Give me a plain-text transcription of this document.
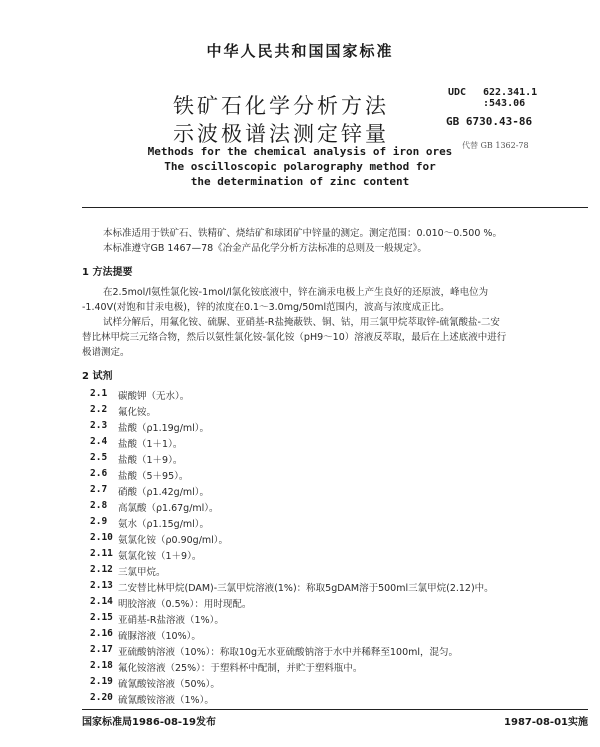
中华人民共和国国家标准
铁矿石化学分析方法
示波极谱法测定锌量
UDC 622.341.1
:543.06
GB 6730.43-86
代替 GB 1362-78
Methods for the chemical analysis of iron ores
The oscilloscopic polarography method for
the determination of zinc content
本标准适用于铁矿石、铁精矿、烧结矿和球团矿中锌量的测定。测定范围：0.010～0.500 %。
本标准遵守GB 1467—78《冶金产品化学分析方法标准的总则及一般规定》。
1 方法提要
在2.5mol/l氨性氯化铵-1mol/l氯化铵底液中，锌在滴汞电极上产生良好的还原波，峰电位为
-1.40V(对饱和甘汞电极)，锌的浓度在0.1～3.0mg/50ml范围内，波高与浓度成正比。
试样分解后，用氟化铵、硫脲、亚硝基-R盐掩蔽铁、铜、钴，用三氯甲烷萃取锌-硫氰酸盐-二安
替比林甲烷三元络合物，然后以氨性氯化铵-氯化铵（pH9～10）溶液反萃取，最后在上述底液中进行
极谱测定。
2 试剂
2.1 碳酸钾（无水）。
2.2 氟化铵。
2.3 盐酸（ρ1.19g/ml）。
2.4 盐酸（1＋1）。
2.5 盐酸（1＋9）。
2.6 盐酸（5＋95）。
2.7 硝酸（ρ1.42g/ml）。
2.8 高氯酸（ρ1.67g/ml）。
2.9 氨水（ρ1.15g/ml）。
2.10 氨氯化铵（ρ0.90g/ml）。
2.11 氨氯化铵（1＋9）。
2.12 三氯甲烷。
2.13 二安替比林甲烷(DAM)-三氯甲烷溶液(1%)：称取5gDAM溶于500ml三氯甲烷(2.12)中。
2.14 明胶溶液（0.5%）：用时现配。
2.15 亚硝基-R盐溶液（1%）。
2.16 硫脲溶液（10%）。
2.17 亚硫酸钠溶液（10%）：称取10g无水亚硫酸钠溶于水中并稀释至100ml，混匀。
2.18 氟化铵溶液（25%）：于塑料杯中配制，并贮于塑料瓶中。
2.19 硫氰酸铵溶液（50%）。
2.20 硫氰酸铵溶液（1%）。
国家标准局1986-08-19发布	1987-08-01实施
